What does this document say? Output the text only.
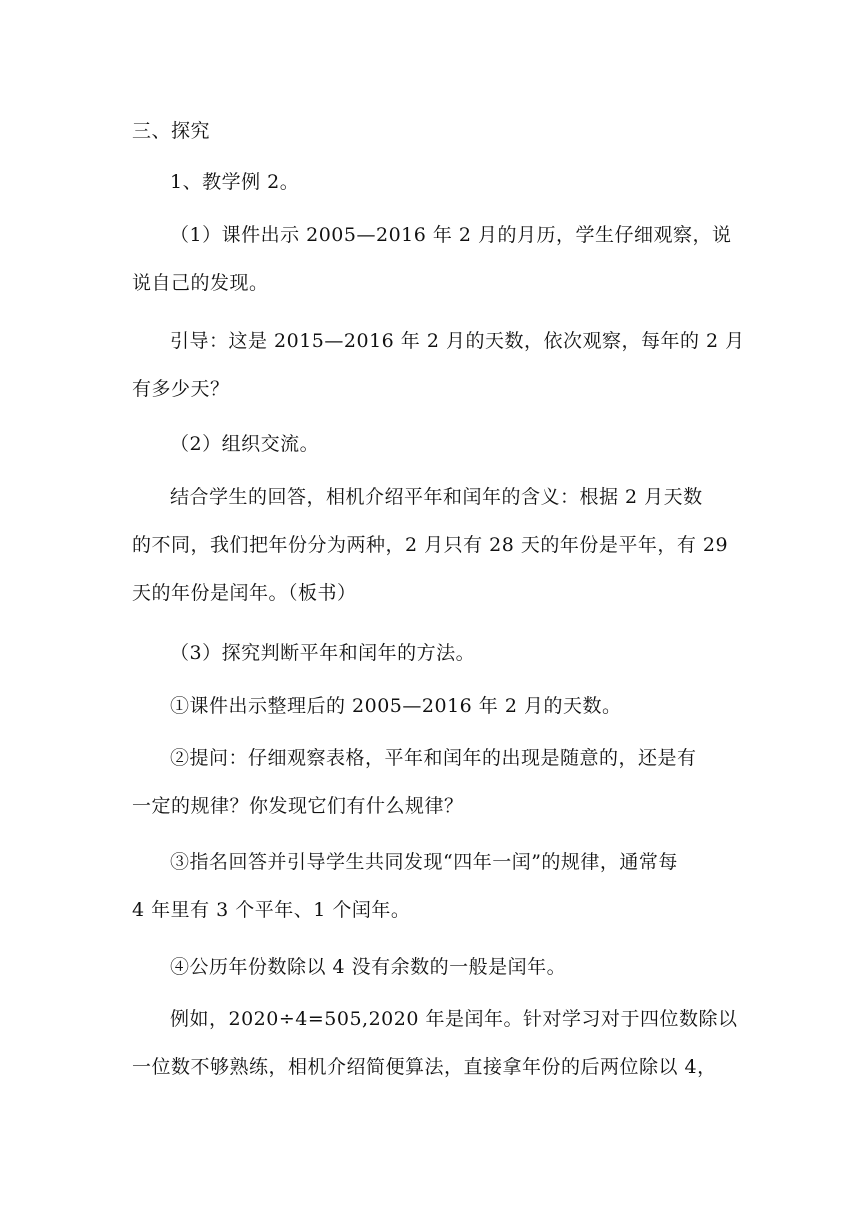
三、探究

1、教学例 2。

（1）课件出示 2005—2016 年 2 月的月历，学生仔细观察，说
说自己的发现。

引导：这是 2015—2016 年 2 月的天数，依次观察，每年的 2 月
有多少天？

（2）组织交流。

结合学生的回答，相机介绍平年和闰年的含义：根据 2 月天数
的不同，我们把年份分为两种，2 月只有 28 天的年份是平年，有 29
天的年份是闰年。（板书）

（3）探究判断平年和闰年的方法。

①课件出示整理后的 2005—2016 年 2 月的天数。

②提问：仔细观察表格，平年和闰年的出现是随意的，还是有
一定的规律？你发现它们有什么规律？

③指名回答并引导学生共同发现“四年一闰”的规律，通常每
4 年里有 3 个平年、1 个闰年。

④公历年份数除以 4 没有余数的一般是闰年。

例如，2020÷4=505,2020 年是闰年。针对学习对于四位数除以
一位数不够熟练，相机介绍简便算法，直接拿年份的后两位除以 4，
